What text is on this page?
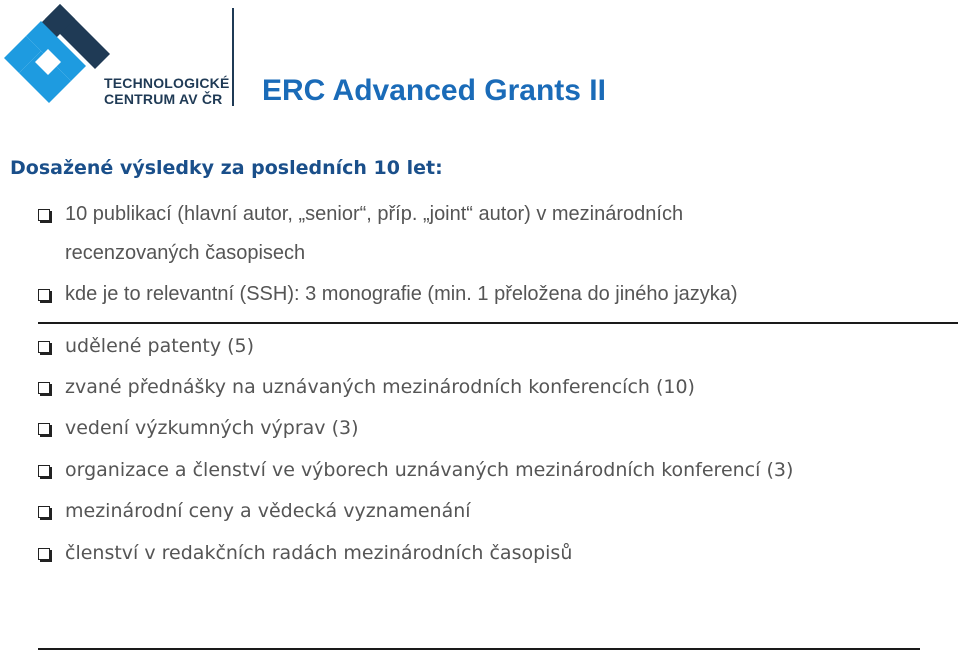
TECHNOLOGICKÉ
CENTRUM AV ČR ERC Advanced Grants II
Dosažené výsledky za posledních 10 let:
10 publikací (hlavní autor, „senior“, příp. „joint“ autor) v mezinárodních
recenzovaných časopisech
kde je to relevantní (SSH): 3 monografie (min. 1 přeložena do jiného jazyka)
udělené patenty (5)
zvané přednášky na uznávaných mezinárodních konferencích (10)
vedení výzkumných výprav (3)
organizace a členství ve výborech uznávaných mezinárodních konferencí (3)
mezinárodní ceny a vědecká vyznamenání
členství v redakčních radách mezinárodních časopisů
